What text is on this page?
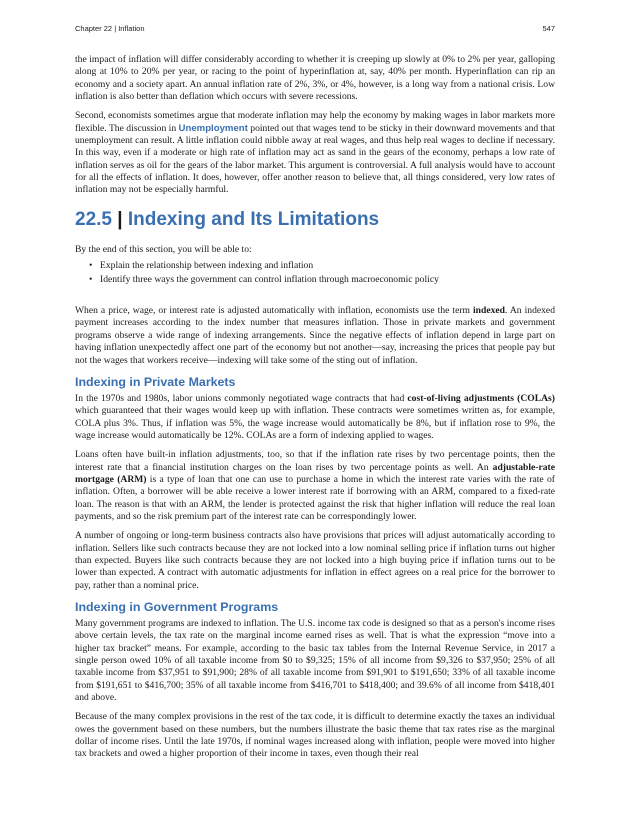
Chapter 22 | Inflation	547

the impact of inflation will differ considerably according to whether it is creeping up slowly at 0% to 2% per year, galloping along at 10% to 20% per year, or racing to the point of hyperinflation at, say, 40% per month. Hyperinflation can rip an economy and a society apart. An annual inflation rate of 2%, 3%, or 4%, however, is a long way from a national crisis. Low inflation is also better than deflation which occurs with severe recessions.

Second, economists sometimes argue that moderate inflation may help the economy by making wages in labor markets more flexible. The discussion in Unemployment pointed out that wages tend to be sticky in their downward movements and that unemployment can result. A little inflation could nibble away at real wages, and thus help real wages to decline if necessary. In this way, even if a moderate or high rate of inflation may act as sand in the gears of the economy, perhaps a low rate of inflation serves as oil for the gears of the labor market. This argument is controversial. A full analysis would have to account for all the effects of inflation. It does, however, offer another reason to believe that, all things considered, very low rates of inflation may not be especially harmful.

22.5 | Indexing and Its Limitations

By the end of this section, you will be able to:

• Explain the relationship between indexing and inflation
• Identify three ways the government can control inflation through macroeconomic policy

When a price, wage, or interest rate is adjusted automatically with inflation, economists use the term indexed. An indexed payment increases according to the index number that measures inflation. Those in private markets and government programs observe a wide range of indexing arrangements. Since the negative effects of inflation depend in large part on having inflation unexpectedly affect one part of the economy but not another—say, increasing the prices that people pay but not the wages that workers receive—indexing will take some of the sting out of inflation.

Indexing in Private Markets

In the 1970s and 1980s, labor unions commonly negotiated wage contracts that had cost-of-living adjustments (COLAs) which guaranteed that their wages would keep up with inflation. These contracts were sometimes written as, for example, COLA plus 3%. Thus, if inflation was 5%, the wage increase would automatically be 8%, but if inflation rose to 9%, the wage increase would automatically be 12%. COLAs are a form of indexing applied to wages.

Loans often have built-in inflation adjustments, too, so that if the inflation rate rises by two percentage points, then the interest rate that a financial institution charges on the loan rises by two percentage points as well. An adjustable-rate mortgage (ARM) is a type of loan that one can use to purchase a home in which the interest rate varies with the rate of inflation. Often, a borrower will be able receive a lower interest rate if borrowing with an ARM, compared to a fixed-rate loan. The reason is that with an ARM, the lender is protected against the risk that higher inflation will reduce the real loan payments, and so the risk premium part of the interest rate can be correspondingly lower.

A number of ongoing or long-term business contracts also have provisions that prices will adjust automatically according to inflation. Sellers like such contracts because they are not locked into a low nominal selling price if inflation turns out higher than expected. Buyers like such contracts because they are not locked into a high buying price if inflation turns out to be lower than expected. A contract with automatic adjustments for inflation in effect agrees on a real price for the borrower to pay, rather than a nominal price.

Indexing in Government Programs

Many government programs are indexed to inflation. The U.S. income tax code is designed so that as a person's income rises above certain levels, the tax rate on the marginal income earned rises as well. That is what the expression “move into a higher tax bracket” means. For example, according to the basic tax tables from the Internal Revenue Service, in 2017 a single person owed 10% of all taxable income from $0 to $9,325; 15% of all income from $9,326 to $37,950; 25% of all taxable income from $37,951 to $91,900; 28% of all taxable income from $91,901 to $191,650; 33% of all taxable income from $191,651 to $416,700; 35% of all taxable income from $416,701 to $418,400; and 39.6% of all income from $418,401 and above.

Because of the many complex provisions in the rest of the tax code, it is difficult to determine exactly the taxes an individual owes the government based on these numbers, but the numbers illustrate the basic theme that tax rates rise as the marginal dollar of income rises. Until the late 1970s, if nominal wages increased along with inflation, people were moved into higher tax brackets and owed a higher proportion of their income in taxes, even though their real
